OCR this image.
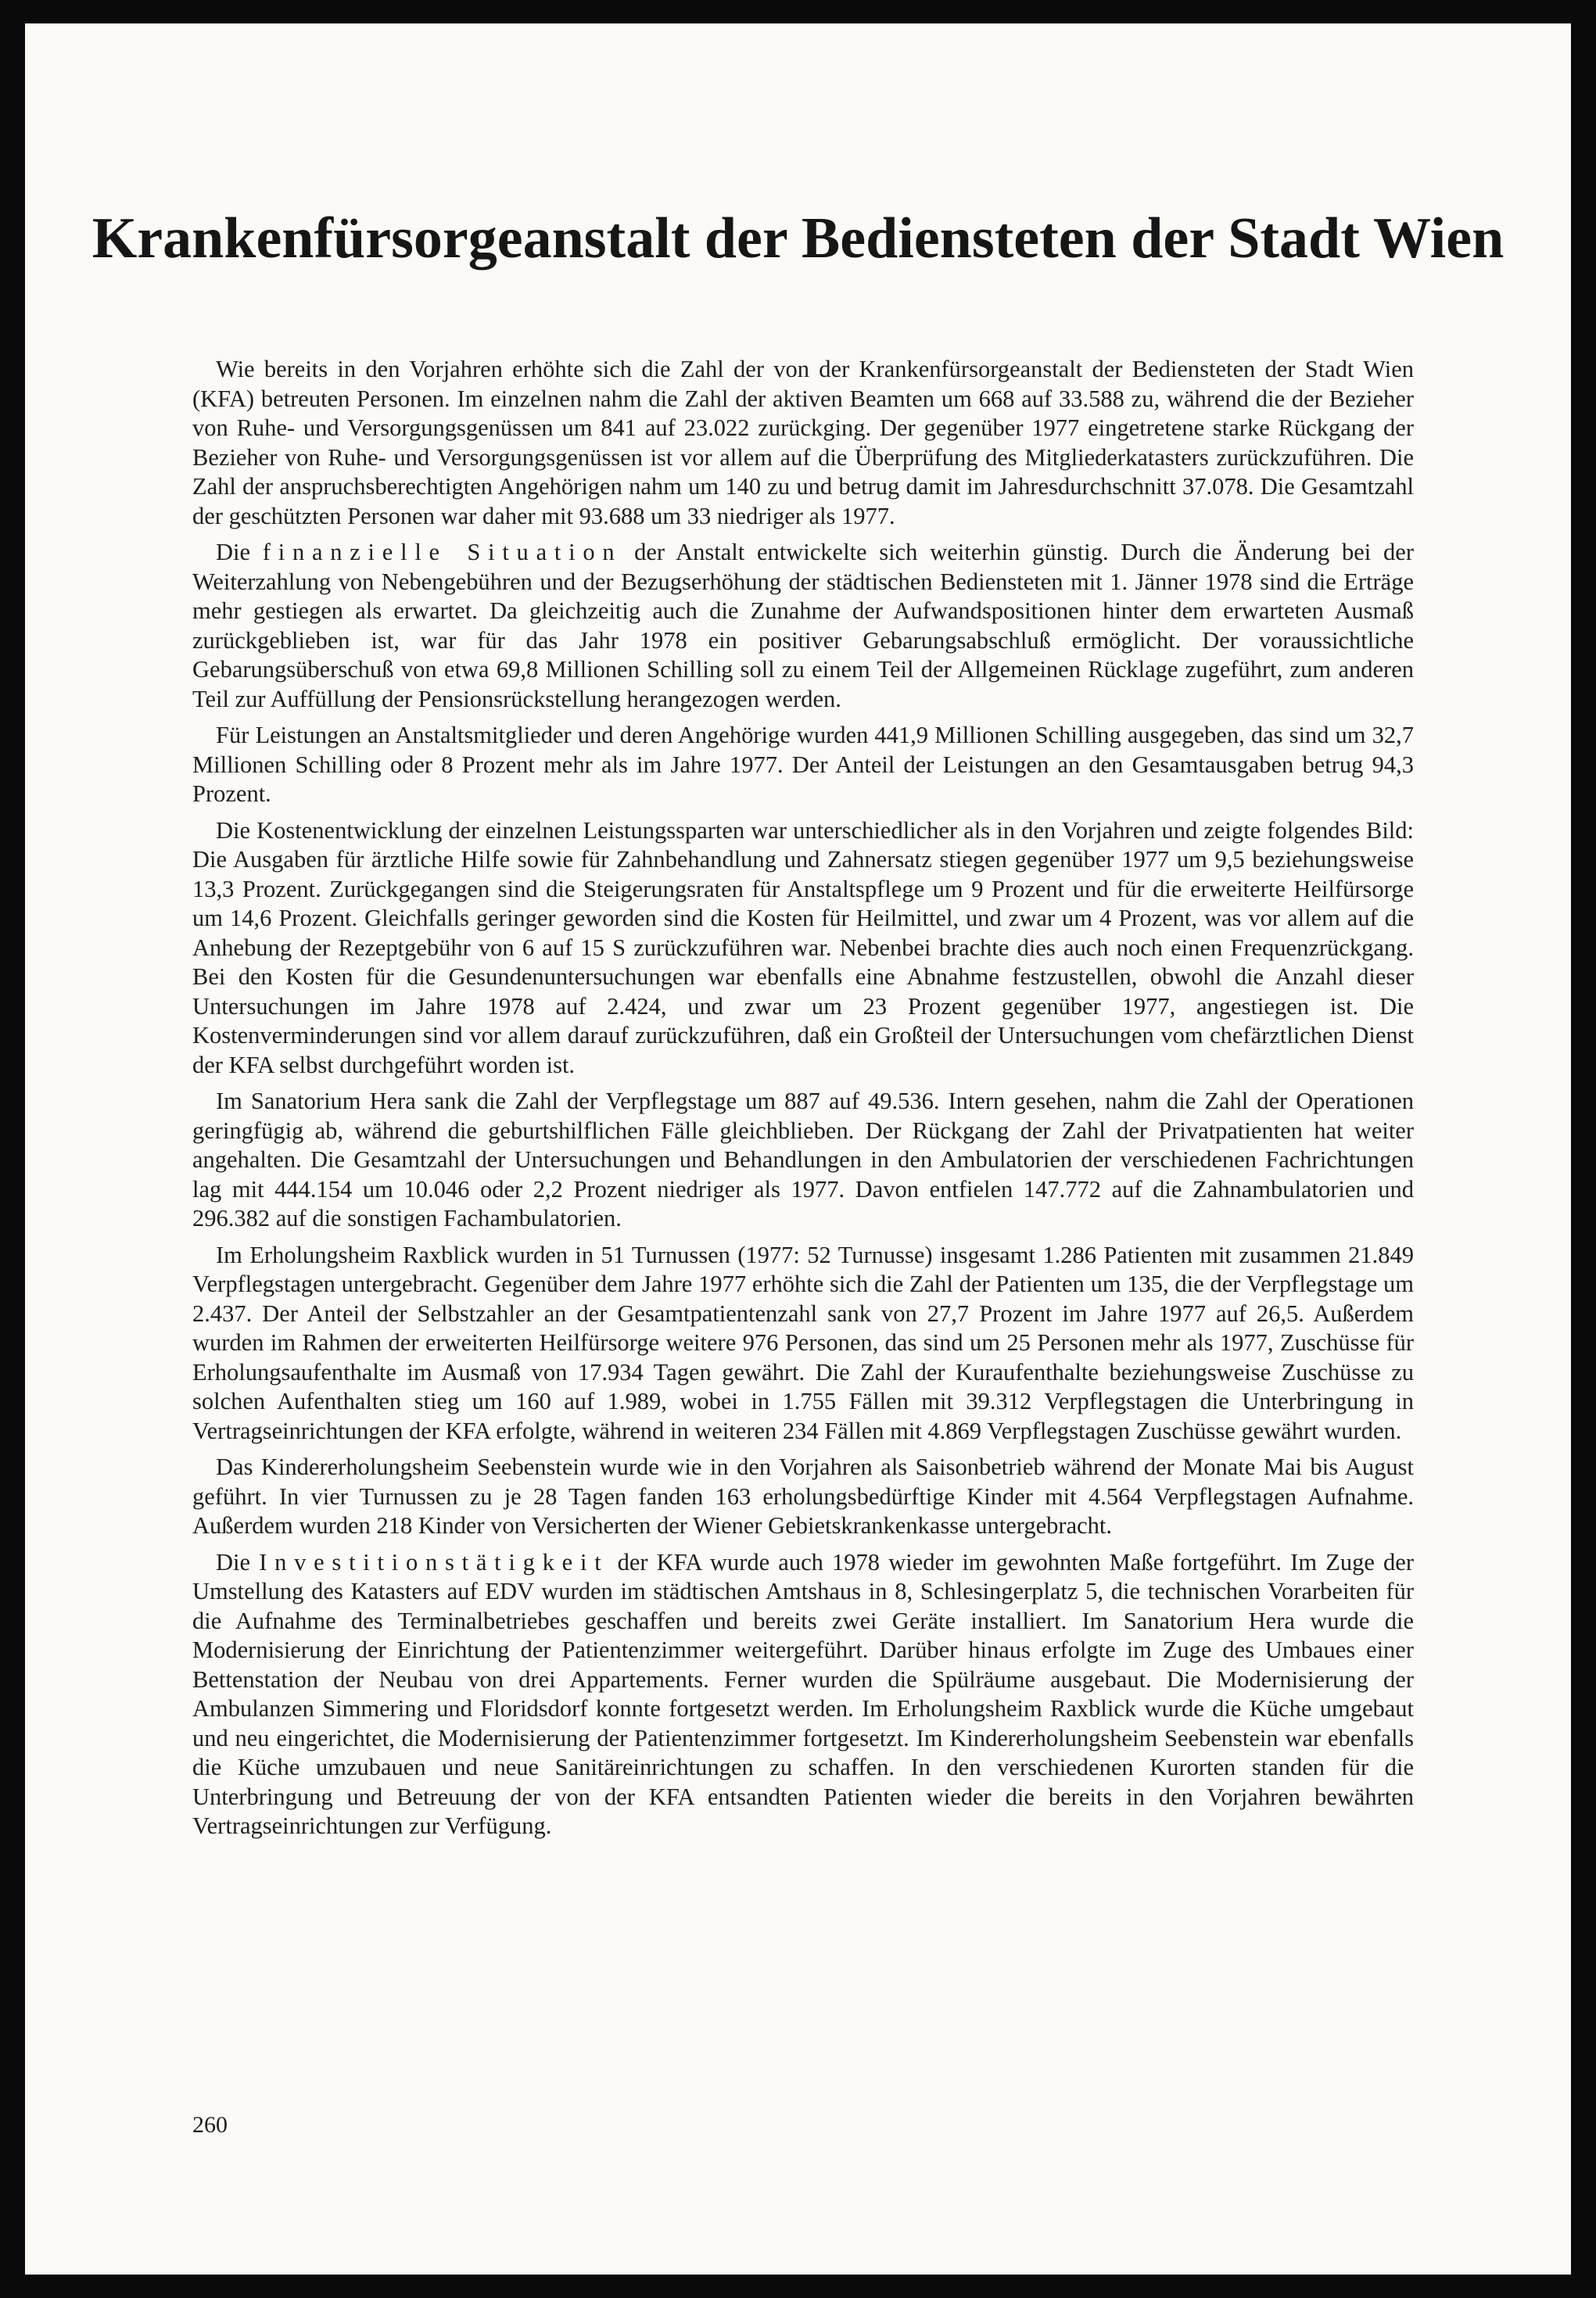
Krankenfürsorgeanstalt der Bediensteten der Stadt Wien

Wie bereits in den Vorjahren erhöhte sich die Zahl der von der Krankenfürsorgeanstalt der Bediensteten der Stadt Wien (KFA) betreuten Personen. Im einzelnen nahm die Zahl der aktiven Beamten um 668 auf 33.588 zu, während die der Bezieher von Ruhe- und Versorgungsgenüssen um 841 auf 23.022 zurückging. Der gegenüber 1977 eingetretene starke Rückgang der Bezieher von Ruhe- und Versorgungsgenüssen ist vor allem auf die Überprüfung des Mitgliederkatasters zurückzuführen. Die Zahl der anspruchsberechtigten Angehörigen nahm um 140 zu und betrug damit im Jahresdurchschnitt 37.078. Die Gesamtzahl der geschützten Personen war daher mit 93.688 um 33 niedriger als 1977.

Die finanzielle Situation der Anstalt entwickelte sich weiterhin günstig. Durch die Änderung bei der Weiterzahlung von Nebengebühren und der Bezugserhöhung der städtischen Bediensteten mit 1. Jänner 1978 sind die Erträge mehr gestiegen als erwartet. Da gleichzeitig auch die Zunahme der Aufwandspositionen hinter dem erwarteten Ausmaß zurückgeblieben ist, war für das Jahr 1978 ein positiver Gebarungsabschluß ermöglicht. Der voraussichtliche Gebarungsüberschuß von etwa 69,8 Millionen Schilling soll zu einem Teil der Allgemeinen Rücklage zugeführt, zum anderen Teil zur Auffüllung der Pensionsrückstellung herangezogen werden.

Für Leistungen an Anstaltsmitglieder und deren Angehörige wurden 441,9 Millionen Schilling ausgegeben, das sind um 32,7 Millionen Schilling oder 8 Prozent mehr als im Jahre 1977. Der Anteil der Leistungen an den Gesamtausgaben betrug 94,3 Prozent.

Die Kostenentwicklung der einzelnen Leistungssparten war unterschiedlicher als in den Vorjahren und zeigte folgendes Bild: Die Ausgaben für ärztliche Hilfe sowie für Zahnbehandlung und Zahnersatz stiegen gegenüber 1977 um 9,5 beziehungsweise 13,3 Prozent. Zurückgegangen sind die Steigerungsraten für Anstaltspflege um 9 Prozent und für die erweiterte Heilfürsorge um 14,6 Prozent. Gleichfalls geringer geworden sind die Kosten für Heilmittel, und zwar um 4 Prozent, was vor allem auf die Anhebung der Rezeptgebühr von 6 auf 15 S zurückzuführen war. Nebenbei brachte dies auch noch einen Frequenzrückgang. Bei den Kosten für die Gesundenuntersuchungen war ebenfalls eine Abnahme festzustellen, obwohl die Anzahl dieser Untersuchungen im Jahre 1978 auf 2.424, und zwar um 23 Prozent gegenüber 1977, angestiegen ist. Die Kostenverminderungen sind vor allem darauf zurückzuführen, daß ein Großteil der Untersuchungen vom chefärztlichen Dienst der KFA selbst durchgeführt worden ist.

Im Sanatorium Hera sank die Zahl der Verpflegstage um 887 auf 49.536. Intern gesehen, nahm die Zahl der Operationen geringfügig ab, während die geburtshilflichen Fälle gleichblieben. Der Rückgang der Zahl der Privatpatienten hat weiter angehalten. Die Gesamtzahl der Untersuchungen und Behandlungen in den Ambulatorien der verschiedenen Fachrichtungen lag mit 444.154 um 10.046 oder 2,2 Prozent niedriger als 1977. Davon entfielen 147.772 auf die Zahnambulatorien und 296.382 auf die sonstigen Fachambulatorien.

Im Erholungsheim Raxblick wurden in 51 Turnussen (1977: 52 Turnusse) insgesamt 1.286 Patienten mit zusammen 21.849 Verpflegstagen untergebracht. Gegenüber dem Jahre 1977 erhöhte sich die Zahl der Patienten um 135, die der Verpflegstage um 2.437. Der Anteil der Selbstzahler an der Gesamtpatientenzahl sank von 27,7 Prozent im Jahre 1977 auf 26,5. Außerdem wurden im Rahmen der erweiterten Heilfürsorge weitere 976 Personen, das sind um 25 Personen mehr als 1977, Zuschüsse für Erholungsaufenthalte im Ausmaß von 17.934 Tagen gewährt. Die Zahl der Kuraufenthalte beziehungsweise Zuschüsse zu solchen Aufenthalten stieg um 160 auf 1.989, wobei in 1.755 Fällen mit 39.312 Verpflegstagen die Unterbringung in Vertragseinrichtungen der KFA erfolgte, während in weiteren 234 Fällen mit 4.869 Verpflegstagen Zuschüsse gewährt wurden.

Das Kindererholungsheim Seebenstein wurde wie in den Vorjahren als Saisonbetrieb während der Monate Mai bis August geführt. In vier Turnussen zu je 28 Tagen fanden 163 erholungsbedürftige Kinder mit 4.564 Verpflegstagen Aufnahme. Außerdem wurden 218 Kinder von Versicherten der Wiener Gebietskrankenkasse untergebracht.

Die Investitionstätigkeit der KFA wurde auch 1978 wieder im gewohnten Maße fortgeführt. Im Zuge der Umstellung des Katasters auf EDV wurden im städtischen Amtshaus in 8, Schlesingerplatz 5, die technischen Vorarbeiten für die Aufnahme des Terminalbetriebes geschaffen und bereits zwei Geräte installiert. Im Sanatorium Hera wurde die Modernisierung der Einrichtung der Patientenzimmer weitergeführt. Darüber hinaus erfolgte im Zuge des Umbaues einer Bettenstation der Neubau von drei Appartements. Ferner wurden die Spülräume ausgebaut. Die Modernisierung der Ambulanzen Simmering und Floridsdorf konnte fortgesetzt werden. Im Erholungsheim Raxblick wurde die Küche umgebaut und neu eingerichtet, die Modernisierung der Patientenzimmer fortgesetzt. Im Kindererholungsheim Seebenstein war ebenfalls die Küche umzubauen und neue Sanitäreinrichtungen zu schaffen. In den verschiedenen Kurorten standen für die Unterbringung und Betreuung der von der KFA entsandten Patienten wieder die bereits in den Vorjahren bewährten Vertragseinrichtungen zur Verfügung.

260
